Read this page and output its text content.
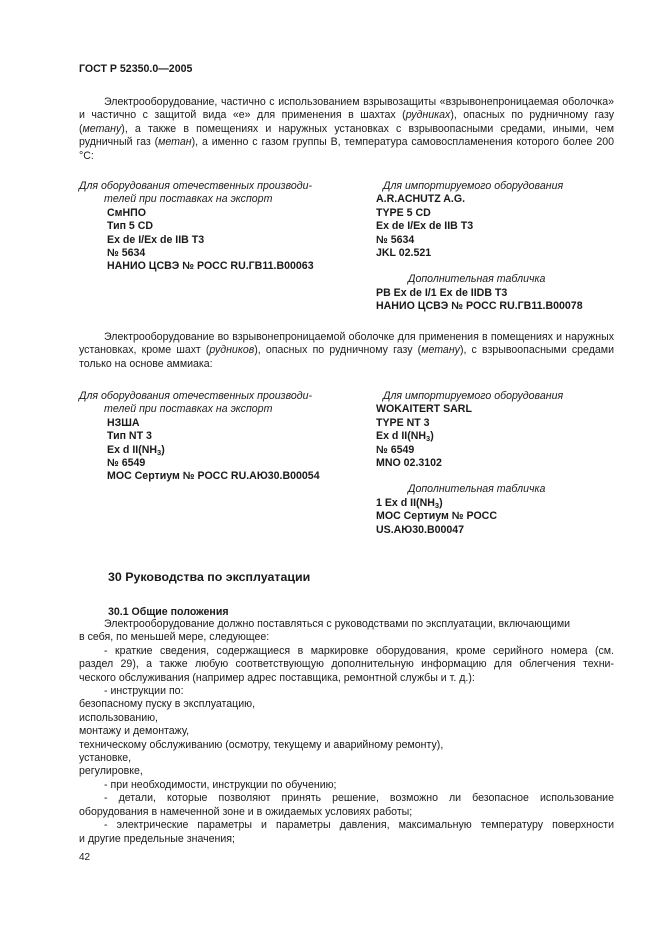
ГОСТ Р 52350.0—2005

Электрооборудование, частично с использованием взрывозащиты «взрывонепроницаемая оболочка» и частично с защитой вида «е» для применения в шахтах (рудниках), опасных по рудничному газу (метану), а также в помещениях и наружных установках с взрывоопасными средами, иными, чем рудничный газ (метан), а именно с газом группы В, температура самовоспламенения которого более 200 °С:

Для оборудования отечественных производи-
телей при поставках на экспорт
СмНПО
Тип 5 CD
Ex de I/Ex de IIB T3
№ 5634
НАНИО ЦСВЭ № РОСС RU.ГВ11.В00063
Для импортируемого оборудования
A.R.ACHUTZ A.G.
TYPE 5 CD
Ex de I/Ex de IIB T3
№ 5634
JKL 02.521
Дополнительная табличка
PB Ex de I/1 Ex de IIDB T3
НАНИО ЦСВЭ № РОСС RU.ГВ11.В00078

Электрооборудование во взрывонепроницаемой оболочке для применения в помещениях и наружных установках, кроме шахт (рудников), опасных по рудничному газу (метану), с взрывоопасными средами только на основе аммиака:

Для оборудования отечественных производи-
телей при поставках на экспорт
НЗША
Тип NT 3
Ex d $II(NH_3)$
№ 6549
МОС Сертиум № РОСС RU.АЮ30.В00054
Для импортируемого оборудования
WOKAITERT SARL
TYPE NT 3
Ex d $II(NH_3)$
№ 6549
MNO 02.3102
Дополнительная табличка
1 Ex d $II(NH_3)$
МОС Сертиум № РОСС
US.АЮ30.В00047
30 Руководства по эксплуатации
30.1 Общие положения
Электрооборудование должно поставляться с руководствами по эксплуатации, включающими
в себя, по меньшей мере, следующее:
- краткие сведения, содержащиеся в маркировке оборудования, кроме серийного номера (см.
раздел 29), а также любую соответствующую дополнительную информацию для облегчения техни-
ческого обслуживания (например адрес поставщика, ремонтной службы и т. д.):
- инструкции по:
безопасному пуску в эксплуатацию,
использованию,
монтажу и демонтажу,
техническому обслуживанию (осмотру, текущему и аварийному ремонту),
установке,
регулировке,
- при необходимости, инструкции по обучению;
- детали, которые позволяют принять решение, возможно ли безопасное использование
оборудования в намеченной зоне и в ожидаемых условиях работы;
- электрические параметры и параметры давления, максимальную температуру поверхности
и другие предельные значения;
42
